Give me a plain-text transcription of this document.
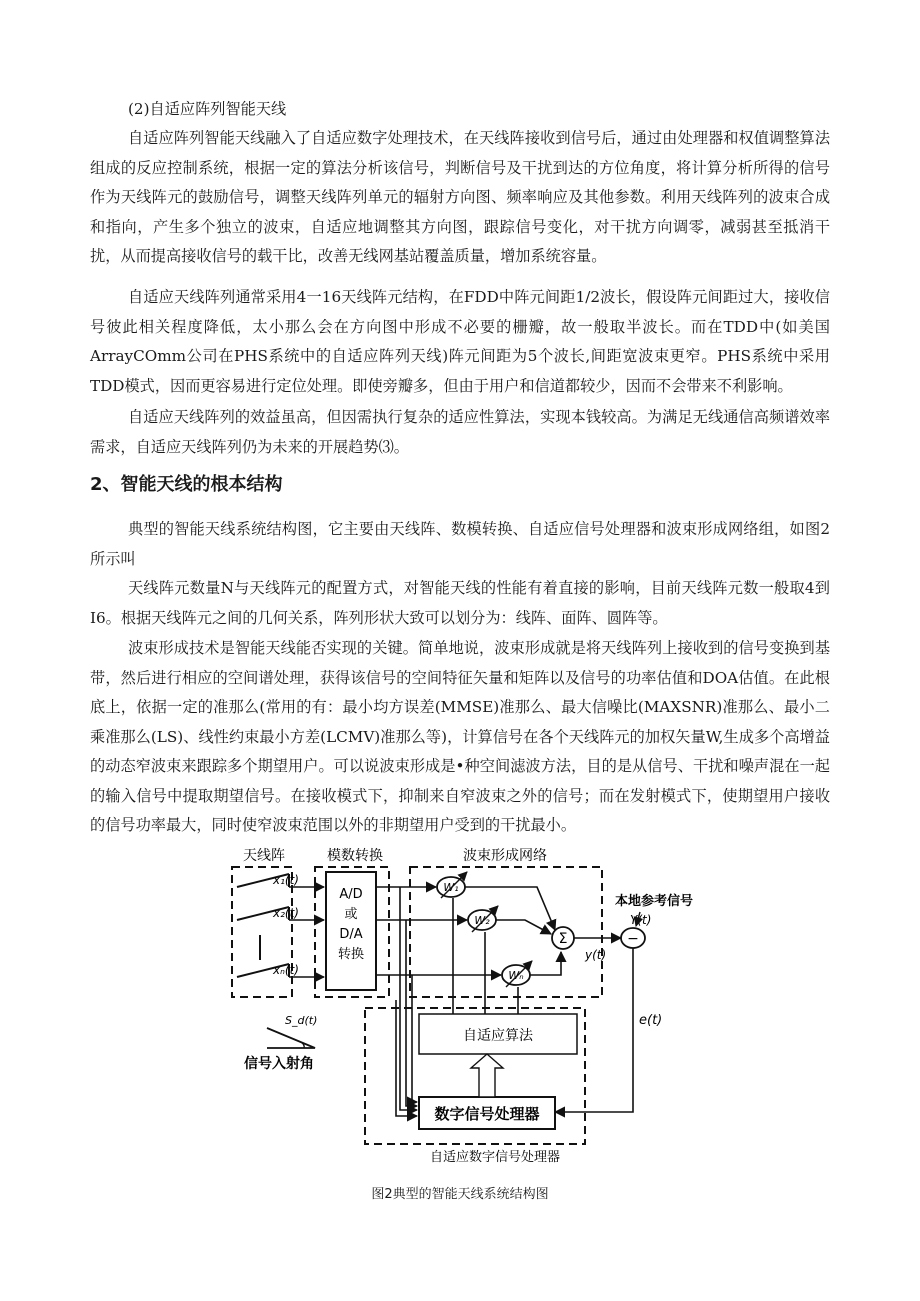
(2)自适应阵列智能天线

自适应阵列智能天线融入了自适应数字处理技术，在天线阵接收到信号后，通过由处理器和权值调整算法组成的反应控制系统，根据一定的算法分析该信号，判断信号及干扰到达的方位角度，将计算分析所得的信号作为天线阵元的鼓励信号，调整天线阵列单元的辐射方向图、频率响应及其他参数。利用天线阵列的波束合成和指向，产生多个独立的波束，自适应地调整其方向图，跟踪信号变化，对干扰方向调零，减弱甚至抵消干扰，从而提高接收信号的载干比，改善无线网基站覆盖质量，增加系统容量。

自适应天线阵列通常采用4一16天线阵元结构，在FDD中阵元间距1/2波长，假设阵元间距过大，接收信号彼此相关程度降低，太小那么会在方向图中形成不必要的栅瓣，故一般取半波长。而在TDD中(如美国ArrayCOmm公司在PHS系统中的自适应阵列天线)阵元间距为5个波长,间距宽波束更窄。PHS系统中采用TDD模式，因而更容易进行定位处理。即使旁瓣多，但由于用户和信道都较少，因而不会带来不利影响。

自适应天线阵列的效益虽高，但因需执行复杂的适应性算法，实现本钱较高。为满足无线通信高频谱效率需求，自适应天线阵列仍为未来的开展趋势⑶。

2、智能天线的根本结构

典型的智能天线系统结构图，它主要由天线阵、数模转换、自适应信号处理器和波束形成网络组，如图2所示叫

天线阵元数量N与天线阵元的配置方式，对智能天线的性能有着直接的影响，目前天线阵元数一般取4到I6。根据天线阵元之间的几何关系，阵列形状大致可以划分为：线阵、面阵、圆阵等。

波束形成技术是智能天线能否实现的关键。简单地说，波束形成就是将天线阵列上接收到的信号变换到基带，然后进行相应的空间谱处理，获得该信号的空间特征矢量和矩阵以及信号的功率估值和DOA估值。在此根底上，依据一定的准那么(常用的有：最小均方误差(MMSE)准那么、最大信噪比(MAXSNR)准那么、最小二乘准那么(LS)、线性约束最小方差(LCMV)准那么等)，计算信号在各个天线阵元的加权矢量W,生成多个高增益的动态窄波束来跟踪多个期望用户。可以说波束形成是•种空间滤波方法，目的是从信号、干扰和噪声混在一起的输入信号中提取期望信号。在接收模式下，抑制来自窄波束之外的信号；而在发射模式下，使期望用户接收的信号功率最大，同时使窄波束范围以外的非期望用户受到的干扰最小。

天线阵	模数转换	波束形成网络
x₁(t)
x₂(t)
xₙ(t)
A/D
或
D/A
转换
W₁
W₂
Wₙ
Σ
y(t)
−
本地参考信号
Y(t)
e(t)
自适应算法
数字信号处理器
自适应数字信号处理器
S_d(t)
信号入射角
图2典型的智能天线系统结构图
